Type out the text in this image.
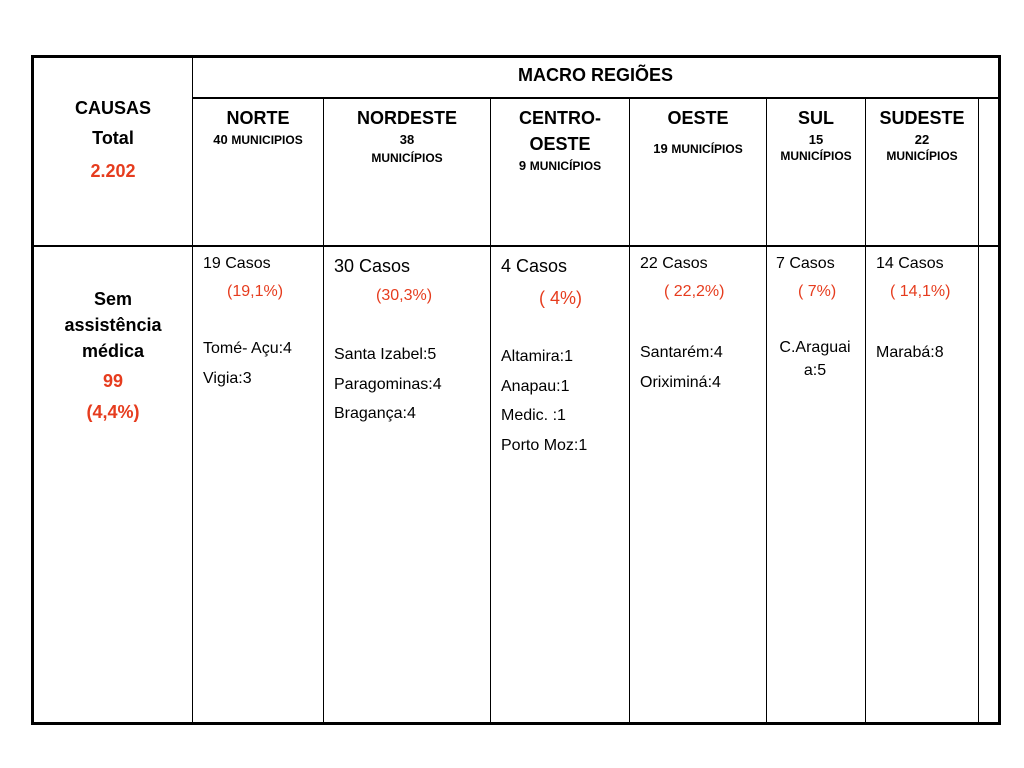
CAUSAS
Total
2.202
MACRO REGIÕES
NORTE
40 MUNICIPIOS
NORDESTE
38
MUNICÍPIOS
CENTRO-
OESTE
9 MUNICÍPIOS
OESTE
19 MUNICÍPIOS
SUL
15
MUNICÍPIOS
SUDESTE
22
MUNICÍPIOS
Sem
assistência
médica
99
(4,4%)
19 Casos
(19,1%)
Tomé- Açu:4
Vigia:3
30 Casos
(30,3%)
Santa Izabel:5
Paragominas:4
Bragança:4
4 Casos
( 4%)
Altamira:1
Anapau:1
Medic. :1
Porto Moz:1
22 Casos
( 22,2%)
Santarém:4
Oriximiná:4
7 Casos
( 7%)
C.Araguai
a:5
14 Casos
( 14,1%)
Marabá:8
